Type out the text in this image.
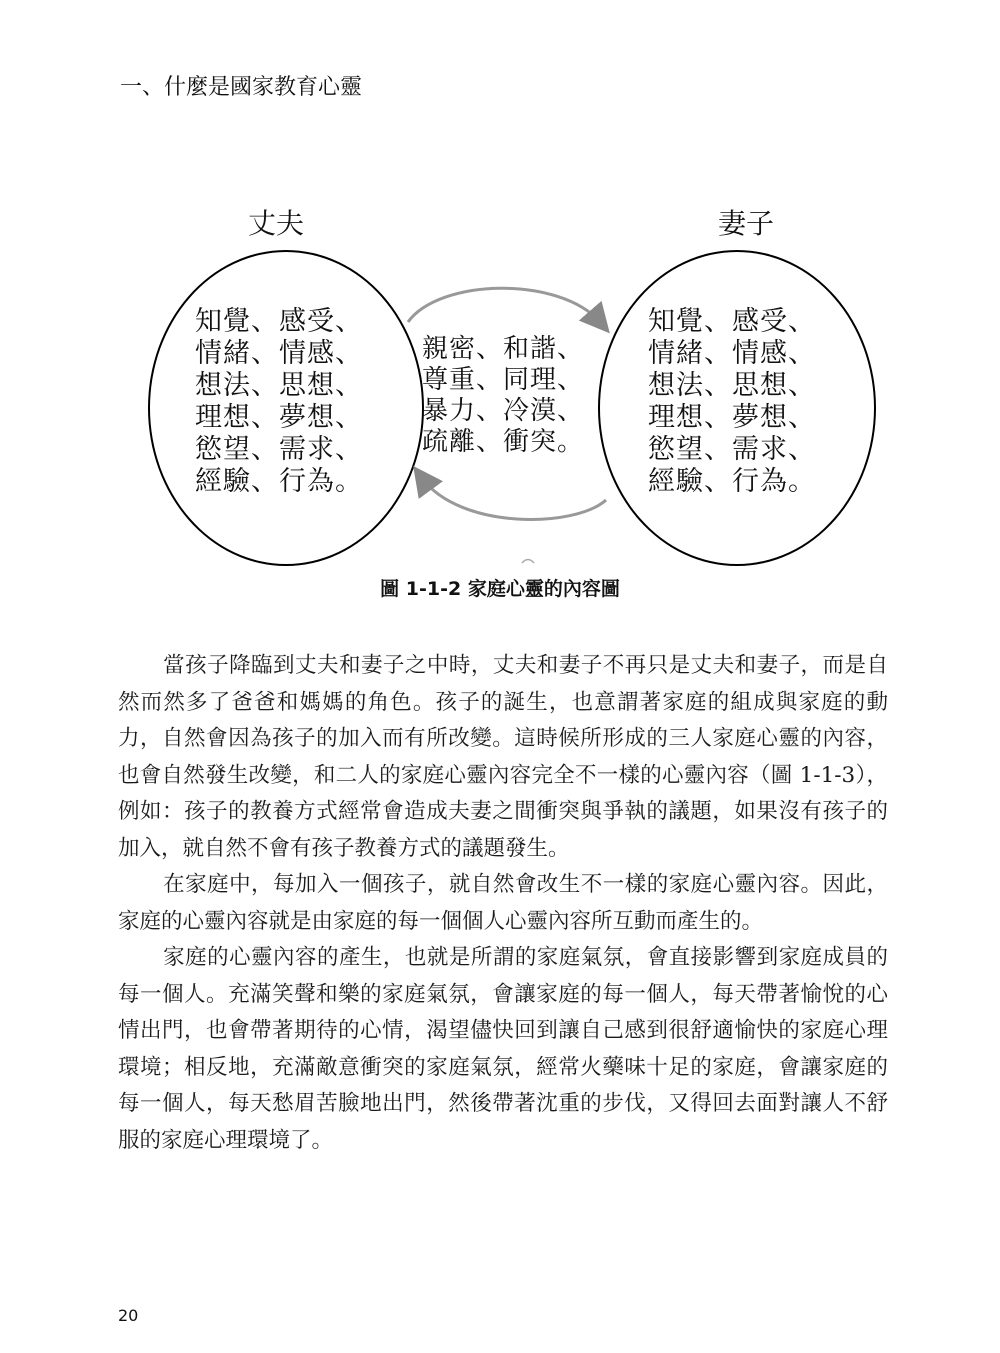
一、什麼是國家教育心靈
丈夫	妻子
知覺、感受、
情緒、情感、
想法、思想、
理想、夢想、
慾望、需求、
經驗、行為。
親密、和諧、
尊重、同理、
暴力、冷漠、
疏離、衝突。
知覺、感受、
情緒、情感、
想法、思想、
理想、夢想、
慾望、需求、
經驗、行為。
圖 1-1-2 家庭心靈的內容圖

當孩子降臨到丈夫和妻子之中時，丈夫和妻子不再只是丈夫和妻子，而是自然而然多了爸爸和媽媽的角色。孩子的誕生，也意謂著家庭的組成與家庭的動力，自然會因為孩子的加入而有所改變。這時候所形成的三人家庭心靈的內容，也會自然發生改變，和二人的家庭心靈內容完全不一樣的心靈內容（圖 1-1-3），例如：孩子的教養方式經常會造成夫妻之間衝突與爭執的議題，如果沒有孩子的加入，就自然不會有孩子教養方式的議題發生。

在家庭中，每加入一個孩子，就自然會改生不一樣的家庭心靈內容。因此，家庭的心靈內容就是由家庭的每一個個人心靈內容所互動而產生的。

家庭的心靈內容的產生，也就是所謂的家庭氣氛，會直接影響到家庭成員的每一個人。充滿笑聲和樂的家庭氣氛，會讓家庭的每一個人，每天帶著愉悅的心情出門，也會帶著期待的心情，渴望儘快回到讓自己感到很舒適愉快的家庭心理環境；相反地，充滿敵意衝突的家庭氣氛，經常火藥味十足的家庭，會讓家庭的每一個人，每天愁眉苦臉地出門，然後帶著沈重的步伐，又得回去面對讓人不舒服的家庭心理環境了。

20
